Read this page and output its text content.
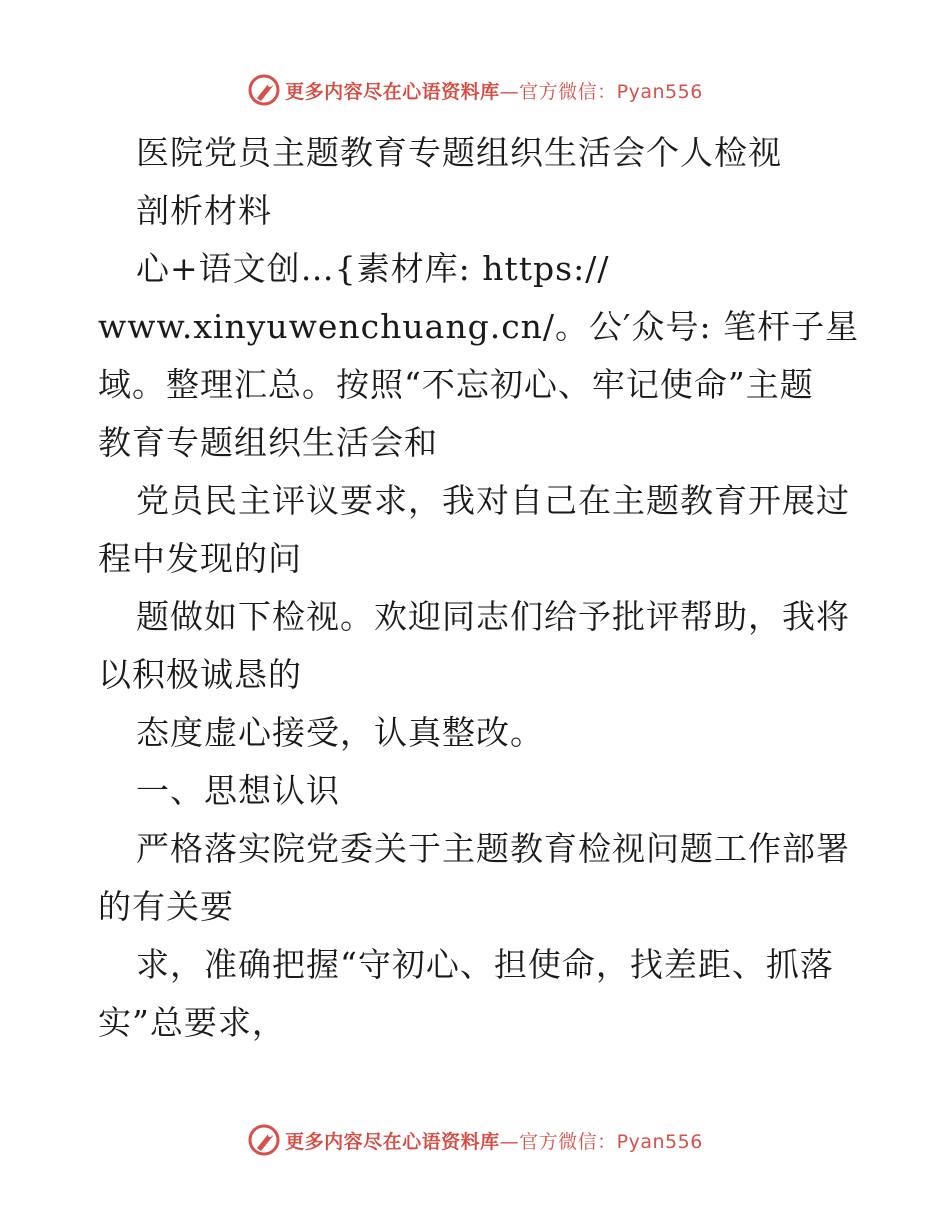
更多内容尽在心语资料库—官方微信：Pyan556
医院党员主题教育专题组织生活会个人检视
剖析材料
心+语文创…{素材库: https://
www.xinyuwenchuang.cn/。公′众号: 笔杆子星
域。整理汇总。按照“不忘初心、牢记使命”主题
教育专题组织生活会和
党员民主评议要求，我对自己在主题教育开展过
程中发现的问
题做如下检视。欢迎同志们给予批评帮助，我将
以积极诚恳的
态度虚心接受，认真整改。
一、思想认识
严格落实院党委关于主题教育检视问题工作部署
的有关要
求，准确把握“守初心、担使命，找差距、抓落
实”总要求，
更多内容尽在心语资料库—官方微信：Pyan556
